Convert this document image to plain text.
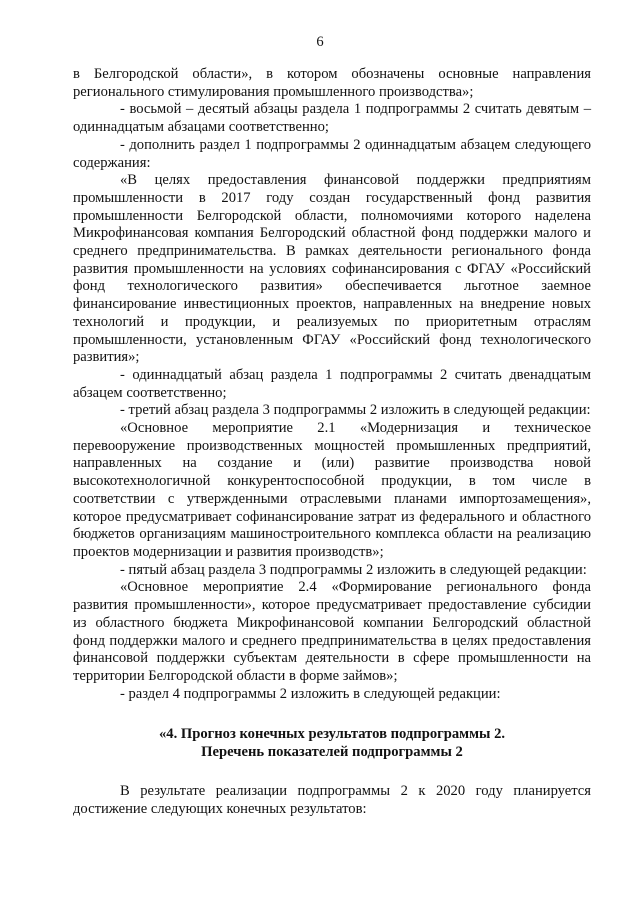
6

в Белгородской области», в котором обозначены основные направления регионального стимулирования промышленного производства»;

- восьмой – десятый абзацы раздела 1 подпрограммы 2 считать девятым – одиннадцатым абзацами соответственно;

- дополнить раздел 1 подпрограммы 2 одиннадцатым абзацем следующего содержания:

«В целях предоставления финансовой поддержки предприятиям промышленности в 2017 году создан государственный фонд развития промышленности Белгородской области, полномочиями которого наделена Микрофинансовая компания Белгородский областной фонд поддержки малого и среднего предпринимательства. В рамках деятельности регионального фонда развития промышленности на условиях софинансирования с ФГАУ «Российский фонд технологического развития» обеспечивается льготное заемное финансирование инвестиционных проектов, направленных на внедрение новых технологий и продукции, и реализуемых по приоритетным отраслям промышленности, установленным ФГАУ «Российский фонд технологического развития»;

- одиннадцатый абзац раздела 1 подпрограммы 2 считать двенадцатым абзацем соответственно;

- третий абзац раздела 3 подпрограммы 2 изложить в следующей редакции:

«Основное мероприятие 2.1 «Модернизация и техническое перевооружение производственных мощностей промышленных предприятий, направленных на создание и (или) развитие производства новой высокотехнологичной конкурентоспособной продукции, в том числе в соответствии с утвержденными отраслевыми планами импортозамещения», которое предусматривает софинансирование затрат из федерального и областного бюджетов организациям машиностроительного комплекса области на реализацию проектов модернизации и развития производств»;

- пятый абзац раздела 3 подпрограммы 2 изложить в следующей редакции:

«Основное мероприятие 2.4 «Формирование регионального фонда развития промышленности», которое предусматривает предоставление субсидии из областного бюджета Микрофинансовой компании Белгородский областной фонд поддержки малого и среднего предпринимательства в целях предоставления финансовой поддержки субъектам деятельности в сфере промышленности на территории Белгородской области в форме займов»;

- раздел 4 подпрограммы 2 изложить в следующей редакции:

«4. Прогноз конечных результатов подпрограммы 2.
Перечень показателей подпрограммы 2

В результате реализации подпрограммы 2 к 2020 году планируется достижение следующих конечных результатов:
